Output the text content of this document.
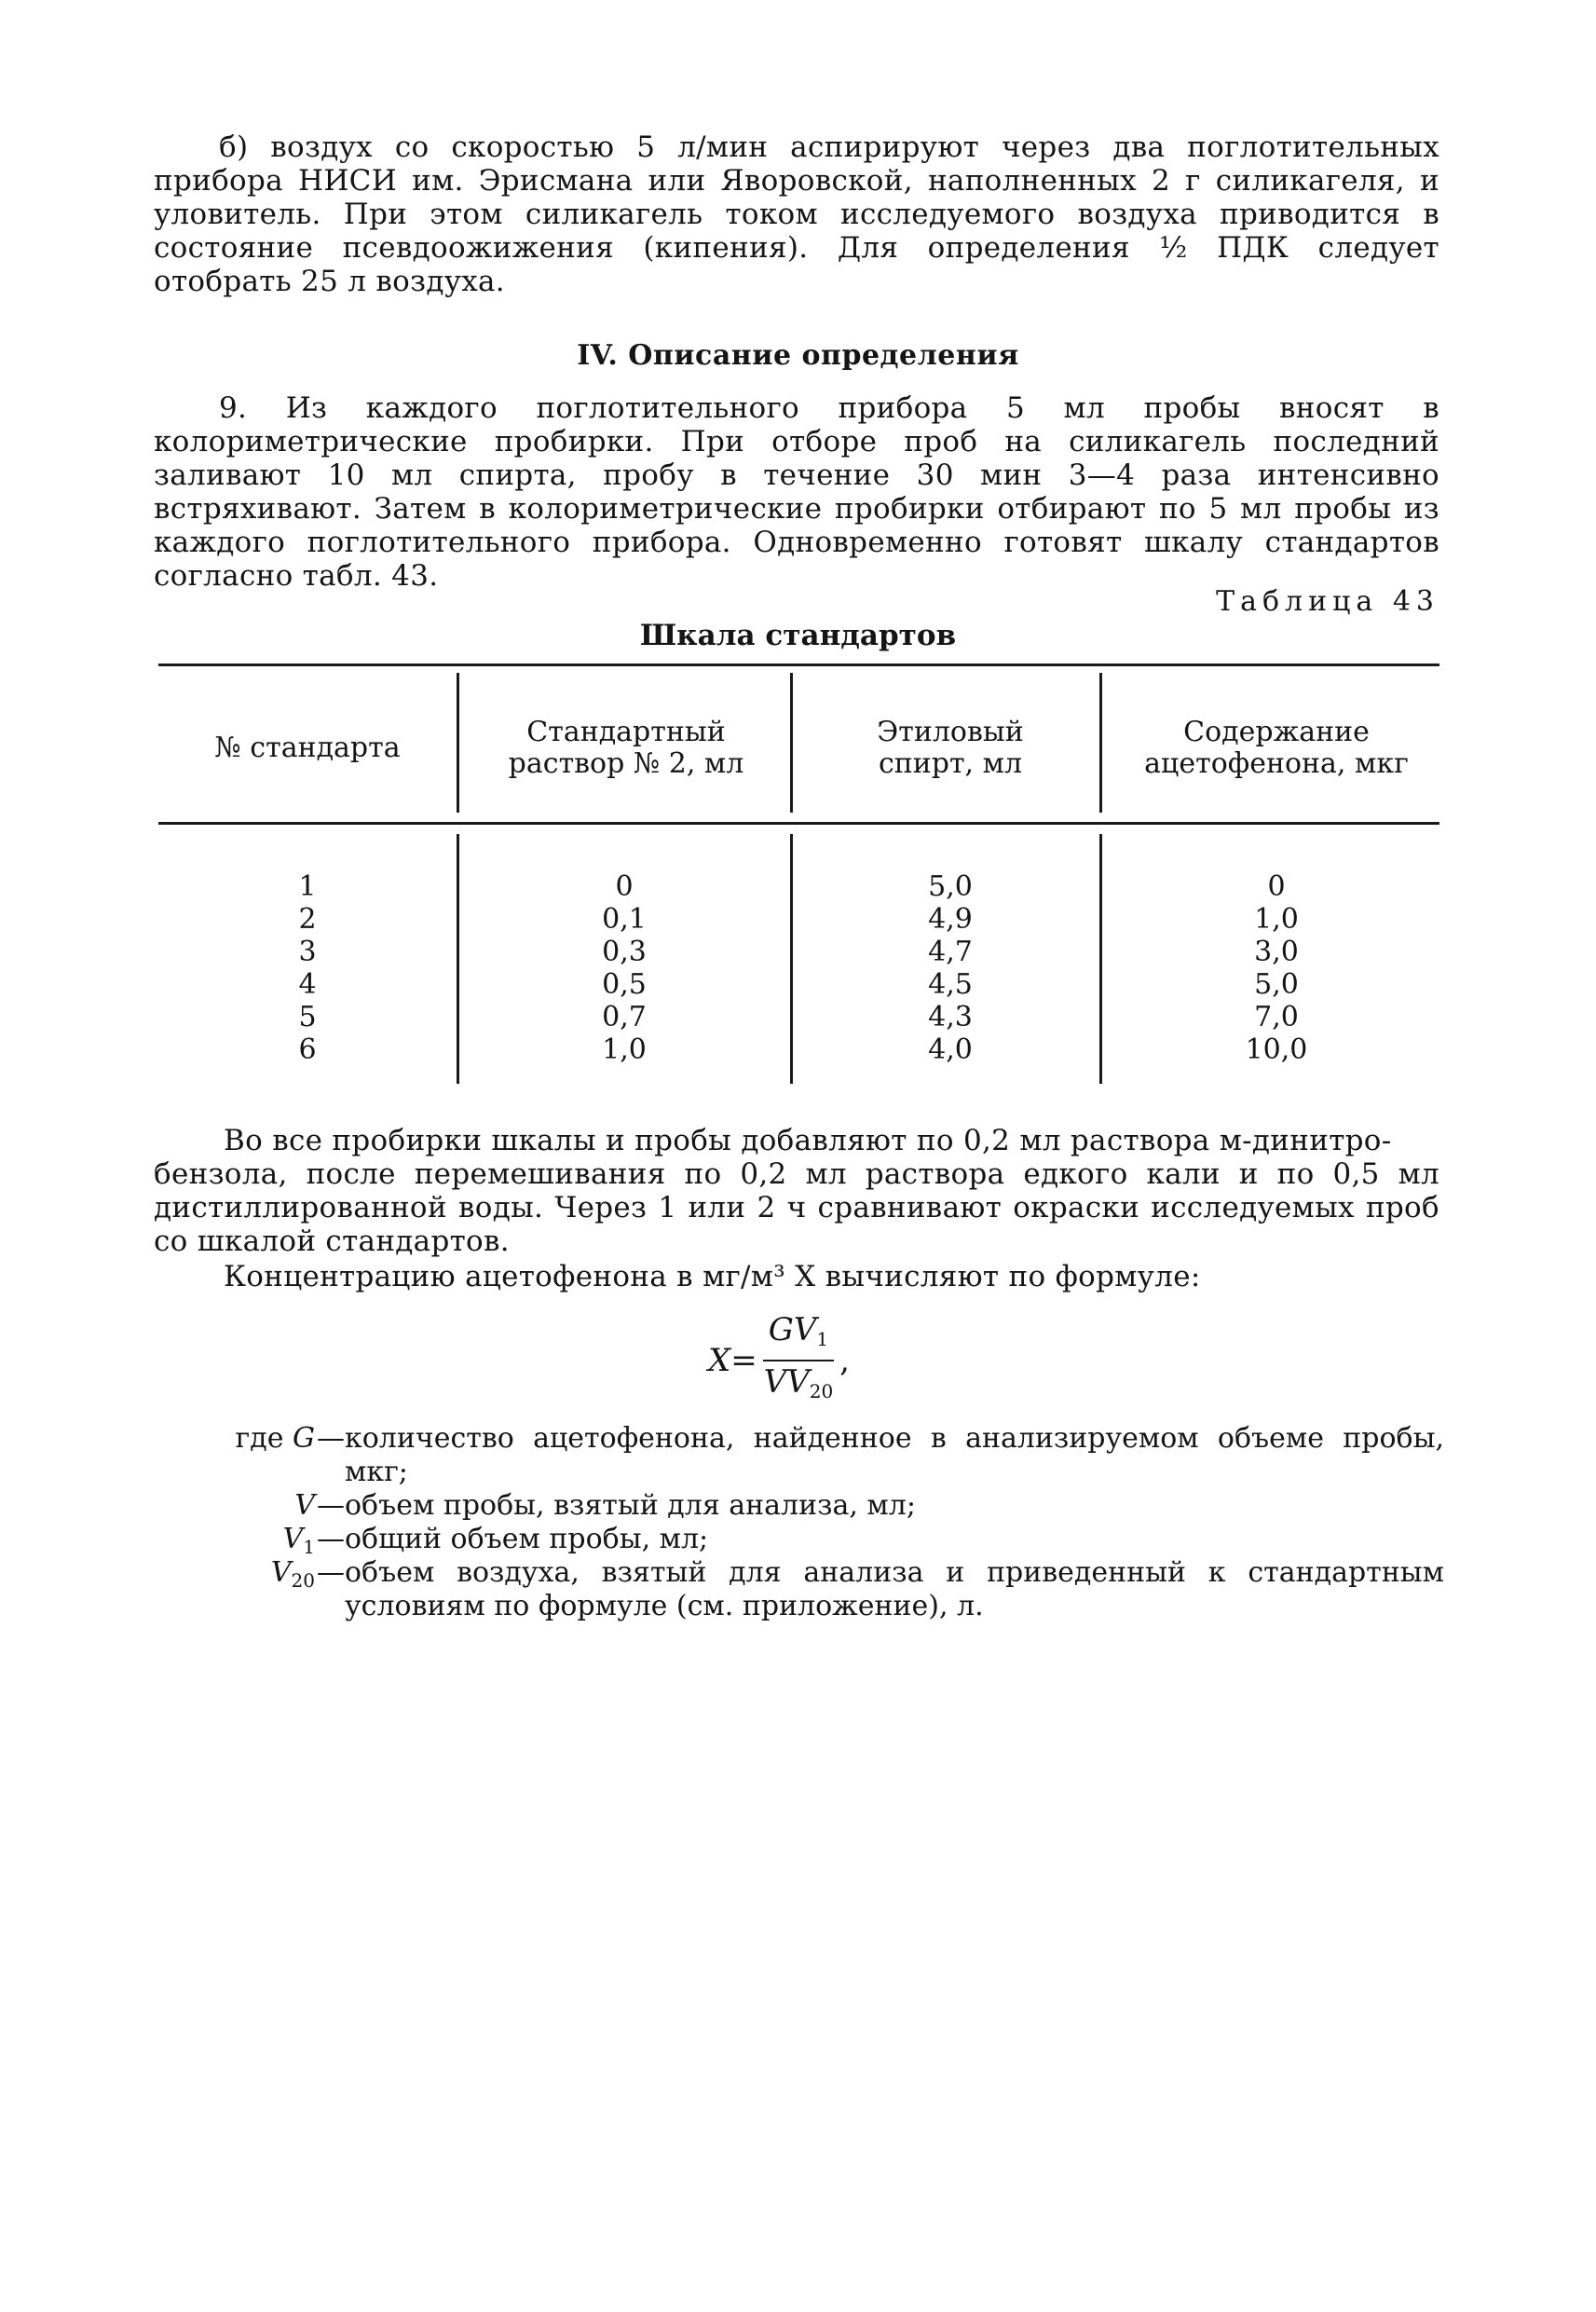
б) воздух со скоростью 5 л/мин аспирируют через два поглотительных прибора НИСИ им. Эрисмана или Яворовской, наполненных 2 г силикагеля, и уловитель. При этом силикагель током исследуемого воздуха приводится в состояние псевдоожижения (кипения). Для определения ½ ПДК следует отобрать 25 л воздуха.

IV. Описание определения

9. Из каждого поглотительного прибора 5 мл пробы вносят в колориметрические пробирки. При отборе проб на силикагель последний заливают 10 мл спирта, пробу в течение 30 мин 3—4 раза интенсивно встряхивают. Затем в колориметрические пробирки отбирают по 5 мл пробы из каждого поглотительного прибора. Одновременно готовят шкалу стандартов согласно табл. 43.

Таблица 43
Шкала стандартов
№ стандарта	Стандартный раствор № 2, мл
Этиловый спирт, мл
Содержание ацетофенона, мкг
1
2
3
4
5
6
0
0,1
0,3
0,5
0,7
1,0
5,0
4,9
4,7
4,5
4,3
4,0
0
1,0
3,0
5,0
7,0
10,0
Во все пробирки шкалы и пробы добавляют по 0,2 мл раствора м-динитро-
бензола, после перемешивания по 0,2 мл раствора едкого кали и по 0,5 мл дистиллированной воды. Через 1 или 2 ч сравнивают окраски исследуемых проб со шкалой стандартов.

Концентрацию ацетофенона в мг/м³ X вычисляют по формуле:

$X= \frac{GV_1}{VV_{20}}$ ,
где G — количество ацетофенона, найденное в анализируемом объеме пробы, мкг;
V — объем пробы, взятый для анализа, мл;
$V_1$ — общий объем пробы, мл;
$V_{20}$ — объем воздуха, взятый для анализа и приведенный к стандартным условиям по формуле (см. приложение), л.
